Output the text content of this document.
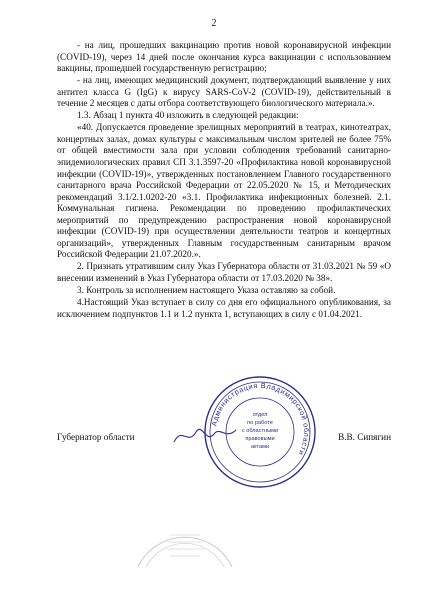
2

- на лиц, прошедших вакцинацию против новой коронавирусной инфекции (COVID-19), через 14 дней после окончания курса вакцинации с использованием вакцины, прошедшей государственную регистрацию;

- на лиц, имеющих медицинский документ, подтверждающий выявление у них антител класса G (IgG) к вирусу SARS-CoV-2 (COVID-19), действительный в течение 2 месяцев с даты отбора соответствующего биологического материала.».

1.3. Абзац 1 пункта 40 изложить в следующей редакции:

«40. Допускается проведение зрелищных мероприятий в театрах, кинотеатрах, концертных залах, домах культуры с максимальным числом зрителей не более 75% от общей вместимости зала при условии соблюдения требований санитарно-эпидемиологических правил СП 3.1.3597-20 «Профилактика новой коронавирусной инфекции (COVID-19)», утвержденных постановлением Главного государственного санитарного врача Российской Федерации от 22.05.2020 № 15, и Методических рекомендаций 3.1/2.1.0202-20 «3.1. Профилактика инфекционных болезней. 2.1. Коммунальная гигиена. Рекомендации по проведению профилактических мероприятий по предупреждению распространения новой коронавирусной инфекции (COVID-19) при осуществлении деятельности театров и концертных организаций», утвержденных Главным государственным санитарным врачом Российской Федерации 21.07.2020.».

2. Признать утратившим силу Указ Губернатора области от 31.03.2021 № 59 «О внесении изменений в Указ Губернатора области от 17.03.2020 № 38».

3. Контроль за исполнением настоящего Указа оставляю за собой.

4.Настоящий Указ вступает в силу со дня его официального опубликования, за исключением подпунктов 1.1 и 1.2 пункта 1, вступающих в силу с 01.04.2021.

Губернатор области	В.В. Сипягин
Администрация Владимирской области
отдел
по работе
с областными
правовыми
актами
